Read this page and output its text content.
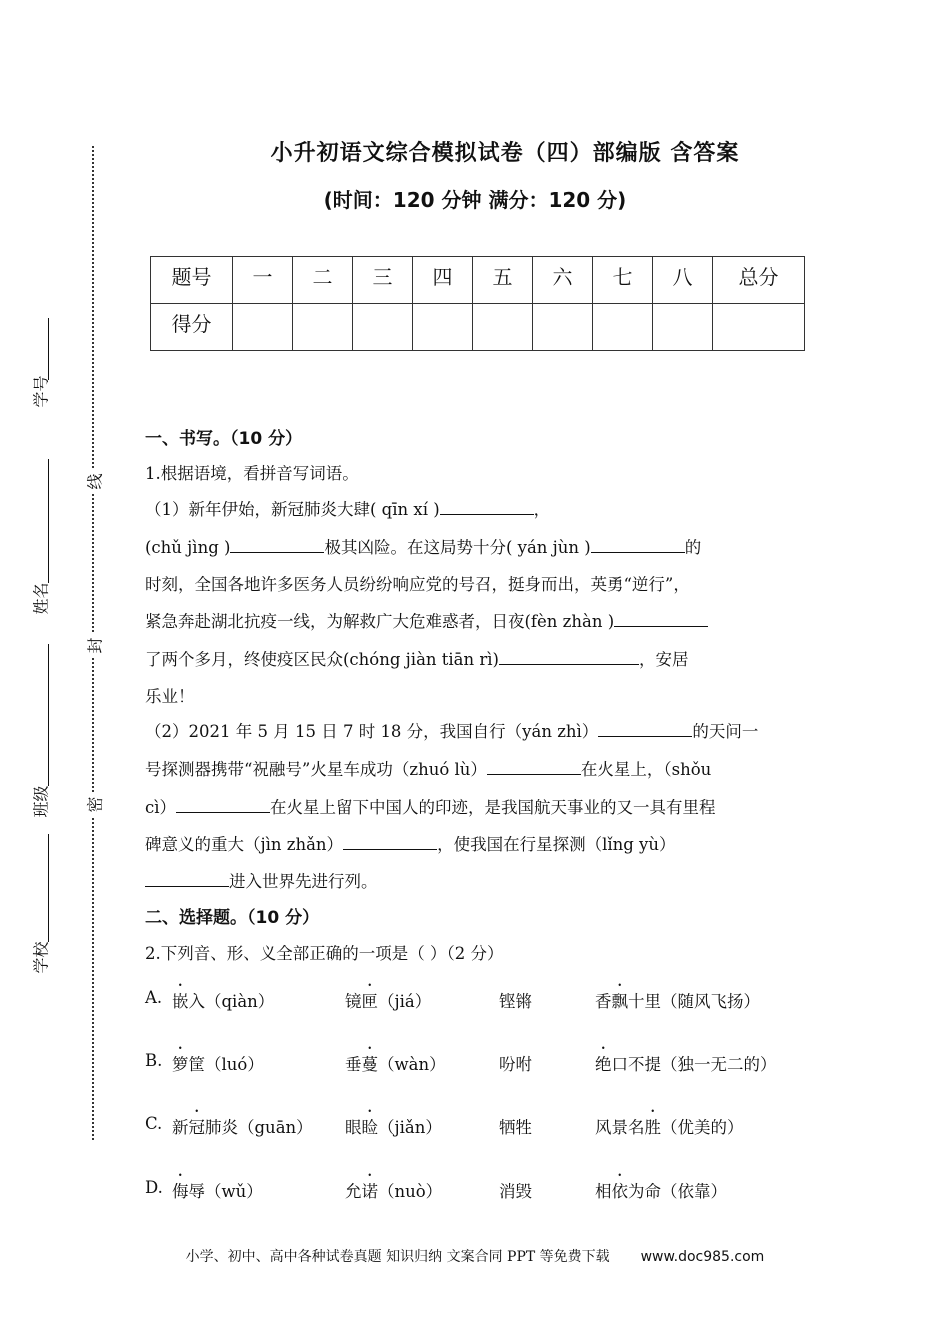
线
封
密
学号
姓名
班级
学校
小升初语文综合模拟试卷（四）部编版 含答案
(时间：120 分钟 满分：120 分)
题号	一	二	三	四	五	六	七	八	总分
得分									
一、书写。（10 分）
1.根据语境，看拼音写词语。
（1）新年伊始，新冠肺炎大肆( qīn xí )	，
(chǔ jìng )	极其凶险。在这局势十分( yán jùn )	的
时刻，全国各地许多医务人员纷纷响应党的号召，挺身而出，英勇“逆行”，
紧急奔赴湖北抗疫一线，为解救广大危难惑者，日夜(fèn zhàn )
了两个多月，终使疫区民众(chóng jiàn tiān rì)	，安居
乐业！
（2）2021 年 5 月 15 日 7 时 18 分，我国自行（yán zhì）	的天问一
号探测器携带“祝融号”火星车成功（zhuó lù）	在火星上，（shǒu
cì）	在火星上留下中国人的印迹，是我国航天事业的又一具有里程
碑意义的重大（jìn zhǎn）	，使我国在行星探测（lǐng yù）
进入世界先进行列。
二、选择题。（10 分）
2.下列音、形、义全部正确的一项是（ ）（2 分）
A. 嵌入（qiàn）	镜匣（jiá）	铿锵	香飘十里（随风飞扬）
B. 箩筐（luó）	垂蔓（wàn）	吩咐	绝口不提（独一无二的）
C. 新冠肺炎（guān） 眼睑（jiǎn）	牺牲	风景名胜（优美的）
D. 侮辱（wǔ）	允诺（nuò）	消毁	相依为命（依靠）
小学、初中、高中各种试卷真题 知识归纳 文案合同 PPT 等免费下载 www.doc985.com
